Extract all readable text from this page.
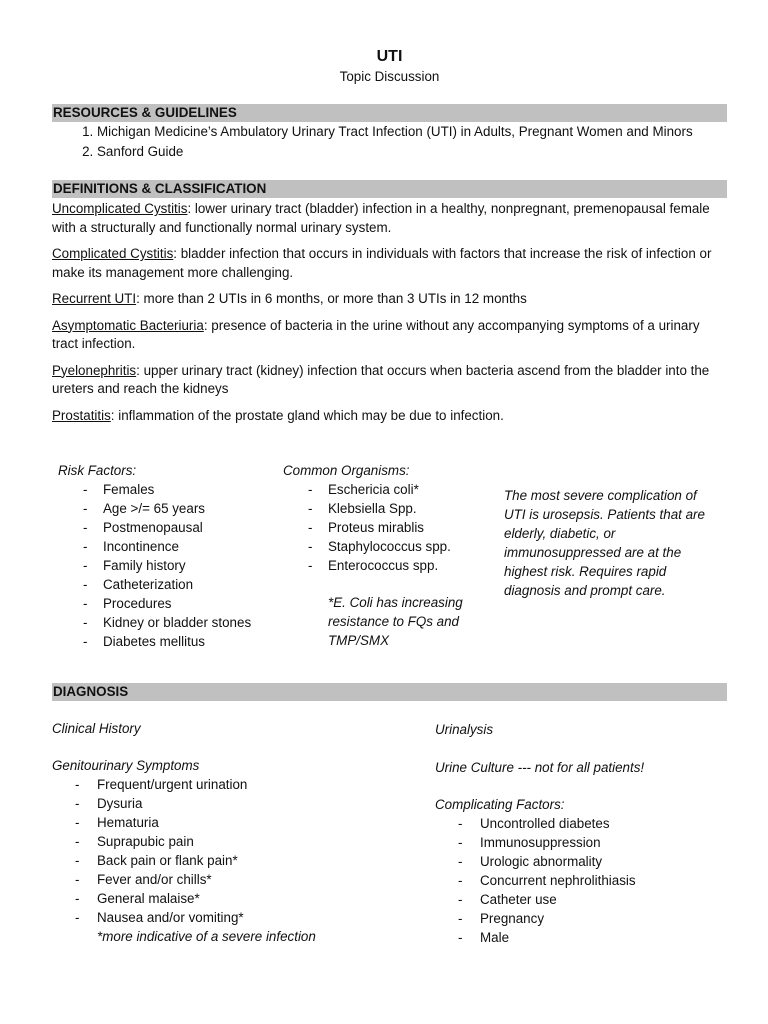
UTI

Topic Discussion

RESOURCES & GUIDELINES
1. Michigan Medicine’s Ambulatory Urinary Tract Infection (UTI) in Adults, Pregnant Women and Minors
2. Sanford Guide
DEFINITIONS & CLASSIFICATION

Uncomplicated Cystitis: lower urinary tract (bladder) infection in a healthy, nonpregnant, premenopausal female with a structurally and functionally normal urinary system.

Complicated Cystitis: bladder infection that occurs in individuals with factors that increase the risk of infection or make its management more challenging.

Recurrent UTI: more than 2 UTIs in 6 months, or more than 3 UTIs in 12 months

Asymptomatic Bacteriuria: presence of bacteria in the urine without any accompanying symptoms of a urinary tract infection.

Pyelonephritis: upper urinary tract (kidney) infection that occurs when bacteria ascend from the bladder into the ureters and reach the kidneys

Prostatitis: inflammation of the prostate gland which may be due to infection.

Risk Factors:
- Females
- Age >/= 65 years
- Postmenopausal
- Incontinence
- Family history
- Catheterization
- Procedures
- Kidney or bladder stones
- Diabetes mellitus
Common Organisms:
- Eschericia coli*
- Klebsiella Spp.
- Proteus mirablis
- Staphylococcus spp.
- Enterococcus spp.
*E. Coli has increasing resistance to FQs and TMP/SMX
The most severe complication of UTI is urosepsis. Patients that are elderly, diabetic, or immunosuppressed are at the highest risk. Requires rapid diagnosis and prompt care.
DIAGNOSIS

Clinical History

Genitourinary Symptoms

- Frequent/urgent urination
- Dysuria
- Hematuria
- Suprapubic pain
- Back pain or flank pain*
- Fever and/or chills*
- General malaise*
- Nausea and/or vomiting*
*more indicative of a severe infection

Urinalysis

Urine Culture --- not for all patients!

Complicating Factors:

- Uncontrolled diabetes
- Immunosuppression
- Urologic abnormality
- Concurrent nephrolithiasis
- Catheter use
- Pregnancy
- Male
